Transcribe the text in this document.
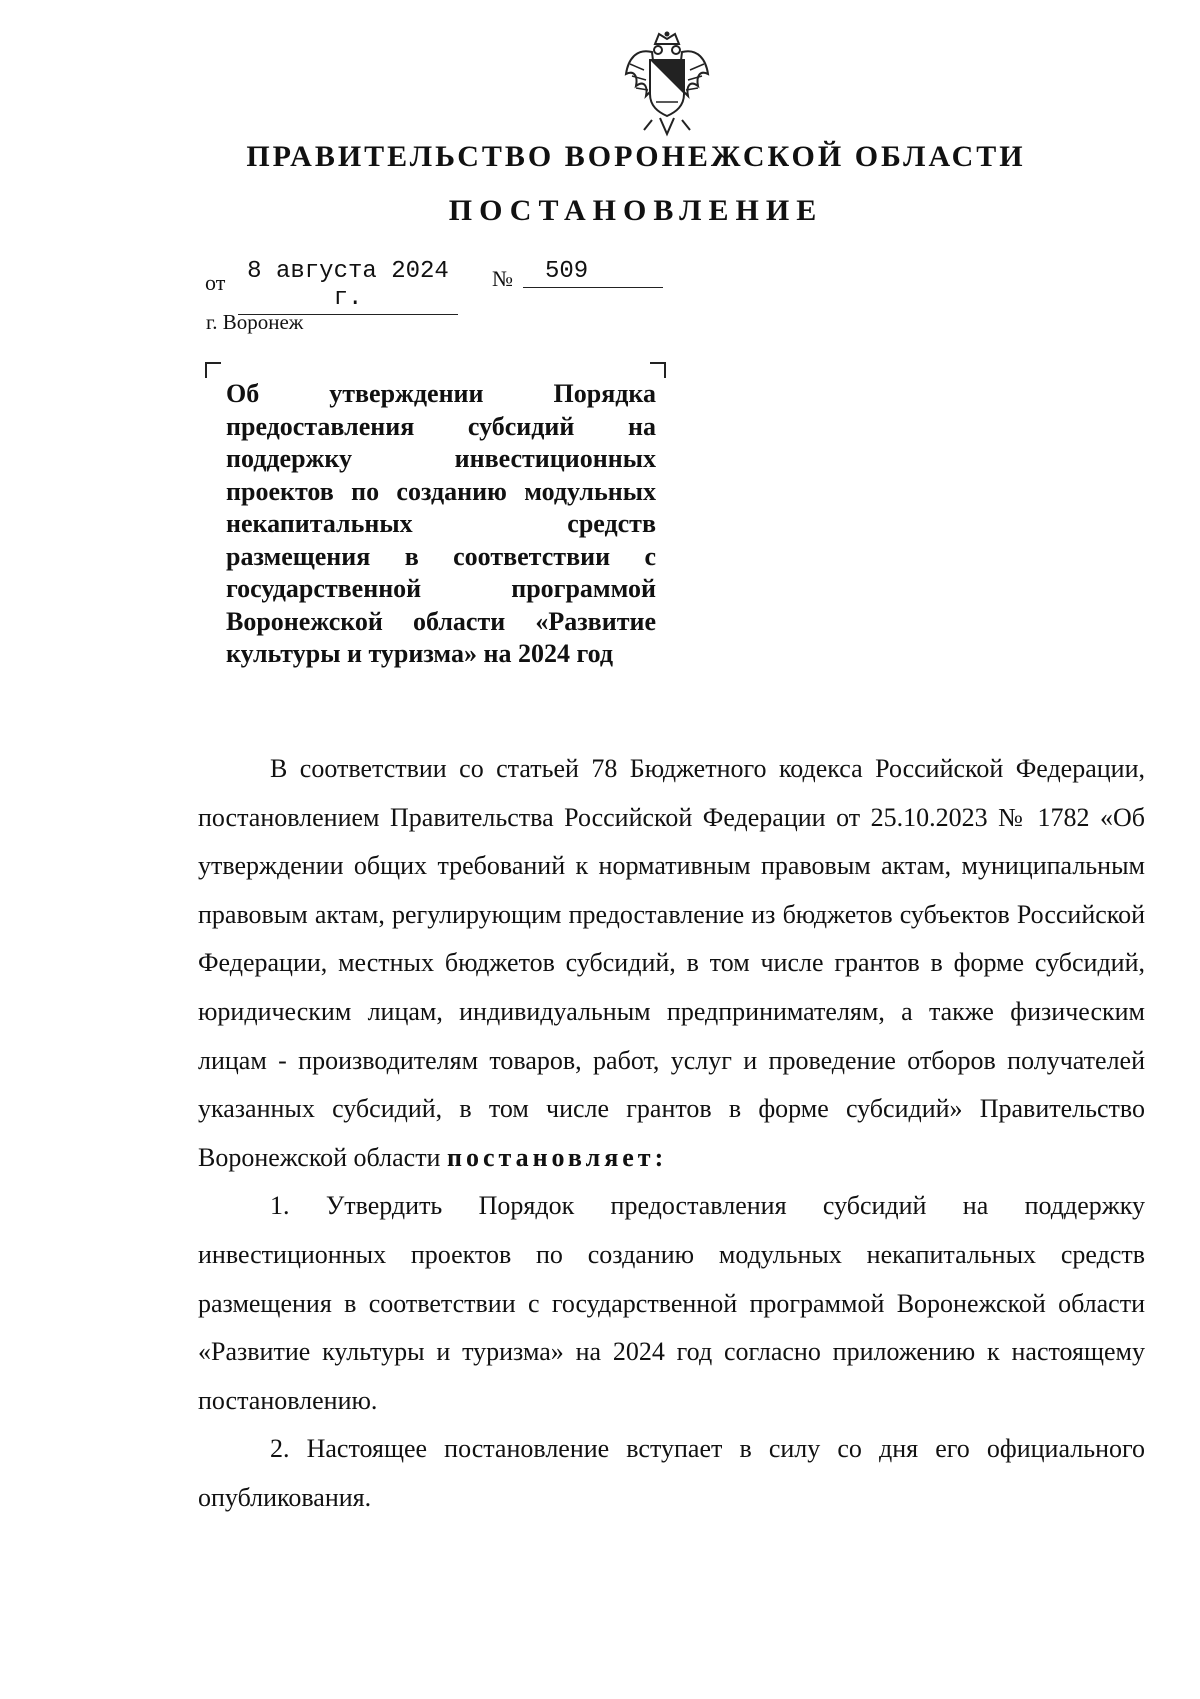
ПРАВИТЕЛЬСТВО ВОРОНЕЖСКОЙ ОБЛАСТИ
ПОСТАНОВЛЕНИЕ
от 8 августа 2024 г.
№	509
г. Воронеж

Об утверждении Порядка предоставления субсидий на поддержку инвестиционных проектов по созданию модульных некапитальных средств размещения в соответствии с государственной программой Воронежской области «Развитие культуры и туризма» на 2024 год

В соответствии со статьей 78 Бюджетного кодекса Российской Федерации, постановлением Правительства Российской Федерации от 25.10.2023 № 1782 «Об утверждении общих требований к нормативным правовым актам, муниципальным правовым актам, регулирующим предоставление из бюджетов субъектов Российской Федерации, местных бюджетов субсидий, в том числе грантов в форме субсидий, юридическим лицам, индивидуальным предпринимателям, а также физическим лицам - производителям товаров, работ, услуг и проведение отборов получателей указанных субсидий, в том числе грантов в форме субсидий» Правительство Воронежской области постановляет:

1. Утвердить Порядок предоставления субсидий на поддержку инвестиционных проектов по созданию модульных некапитальных средств размещения в соответствии с государственной программой Воронежской области «Развитие культуры и туризма» на 2024 год согласно приложению к настоящему постановлению.

2. Настоящее постановление вступает в силу со дня его официального опубликования.
